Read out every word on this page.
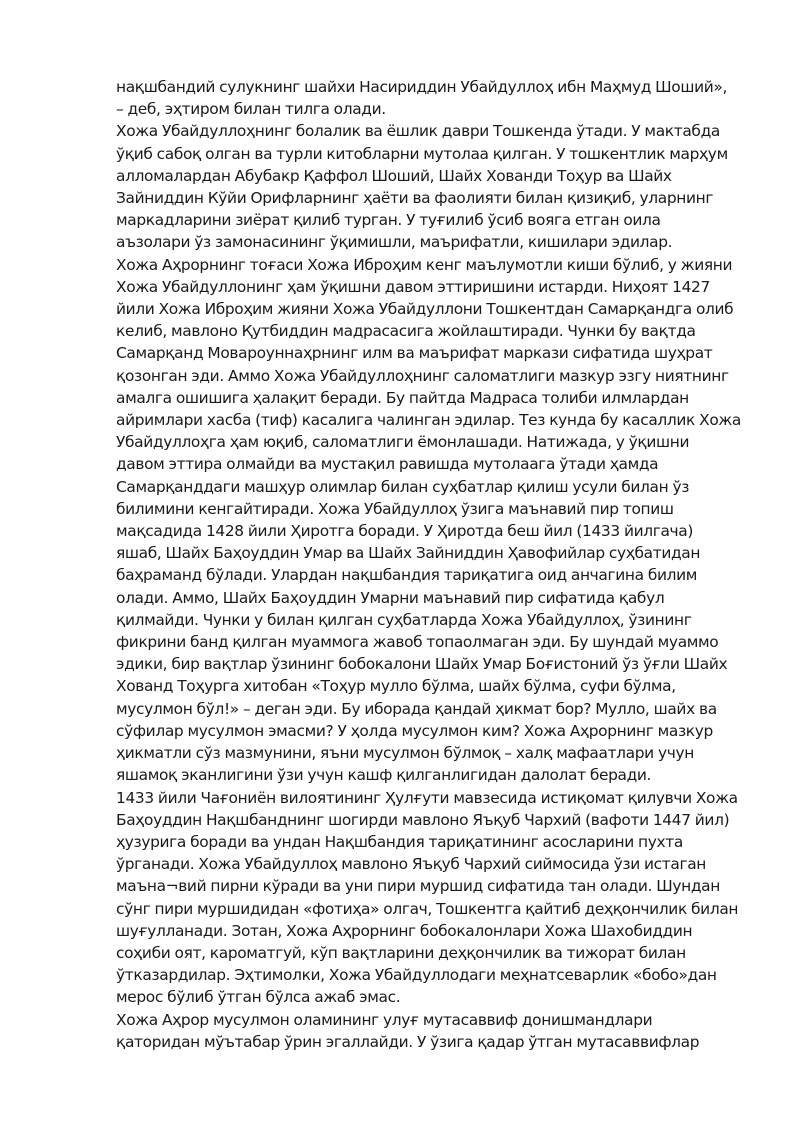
нақшбандий сулукнинг шайхи Насириддин Убайдуллоҳ ибн Маҳмуд Шоший»,
– деб, эҳтиром билан тилга олади.
Хожа Убайдуллоҳнинг болалик ва ёшлик даври Тошкенда ўтади. У мактабда
ўқиб сабоқ олган ва турли китобларни мутолаа қилган. У тошкентлик марҳум
алломалардан Абубакр Қаффол Шоший, Шайх Хованди Тоҳур ва Шайх
Зайниддин Кўйи Орифларнинг ҳаёти ва фаолияти билан қизиқиб, уларнинг
маркадларини зиёрат қилиб турган. У туғилиб ўсиб вояга етган оила
аъзолари ўз замонасининг ўқимишли, маърифатли, кишилари эдилар.
Хожа Аҳрорнинг тоғаси Хожа Иброҳим кенг маълумотли киши бўлиб, у жияни
Хожа Убайдуллонинг ҳам ўқишни давом эттиришини истарди. Ниҳоят 1427
йили Хожа Иброҳим жияни Хожа Убайдуллони Тошкентдан Самарқандга олиб
келиб, мавлоно Қутбиддин мадрасасига жойлаштиради. Чунки бу вақтда
Самарқанд Мовароуннаҳрнинг илм ва маърифат маркази сифатида шуҳрат
қозонган эди. Аммо Хожа Убайдуллоҳнинг саломатлиги мазкур эзгу ниятнинг
амалга ошишига ҳалақит беради. Бу пайтда Мадраса толиби илмлардан
айримлари хасба (тиф) касалига чалинган эдилар. Тез кунда бу касаллик Хожа
Убайдуллоҳга ҳам юқиб, саломатлиги ёмонлашади. Натижада, у ўқишни
давом эттира олмайди ва мустақил равишда мутолаага ўтади ҳамда
Самарқанддаги машҳур олимлар билан суҳбатлар қилиш усули билан ўз
билимини кенгайтиради. Хожа Убайдуллоҳ ўзига маънавий пир топиш
мақсадида 1428 йили Ҳиротга боради. У Ҳиротда беш йил (1433 йилгача)
яшаб, Шайх Баҳоуддин Умар ва Шайх Зайниддин Ҳавофийлар суҳбатидан
баҳраманд бўлади. Улардан нақшбандия тариқатига оид анчагина билим
олади. Аммо, Шайх Баҳоуддин Умарни маънавий пир сифатида қабул
қилмайди. Чунки у билан қилган суҳбатларда Хожа Убайдуллоҳ, ўзининг
фикрини банд қилган муаммога жавоб топаолмаган эди. Бу шундай муаммо
эдики, бир вақтлар ўзининг бобокалони Шайх Умар Боғистоний ўз ўғли Шайх
Хованд Тоҳурга хитобан «Тоҳур мулло бўлма, шайх бўлма, суфи бўлма,
мусулмон бўл!» – деган эди. Бу иборада қандай ҳикмат бор? Мулло, шайх ва
сўфилар мусулмон эмасми? У ҳолда мусулмон ким? Хожа Аҳрорнинг мазкур
ҳикматли сўз мазмунини, яъни мусулмон бўлмоқ – халқ мафаатлари учун
яшамоқ эканлигини ўзи учун кашф қилганлигидан далолат беради.
1433 йили Чағониён вилоятининг Ҳулғути мавзесида истиқомат қилувчи Хожа
Баҳоуддин Нақшбанднинг шогирди мавлоно Яъқуб Чархий (вафоти 1447 йил)
ҳузурига боради ва ундан Нақшбандия тариқатининг асосларини пухта
ўрганади. Хожа Убайдуллоҳ мавлоно Яъқуб Чархий сиймосида ўзи истаган
маъна¬вий пирни кўради ва уни пири муршид сифатида тан олади. Шундан
сўнг пири муршидидан «фотиҳа» олгач, Тошкентга қайтиб деҳқончилик билан
шуғулланади. Зотан, Хожа Аҳрорнинг бобокалонлари Хожа Шахобиддин
соҳиби оят, кароматгуй, кўп вақтларини деҳқончилик ва тижорат билан
ўтказардилар. Эҳтимолки, Хожа Убайдуллодаги меҳнатсеварлик «бобо»дан
мерос бўлиб ўтган бўлса ажаб эмас.
Хожа Аҳрор мусулмон оламининг улуғ мутасаввиф донишмандлари
қаторидан мўътабар ўрин эгаллайди. У ўзига қадар ўтган мутасаввифлар
